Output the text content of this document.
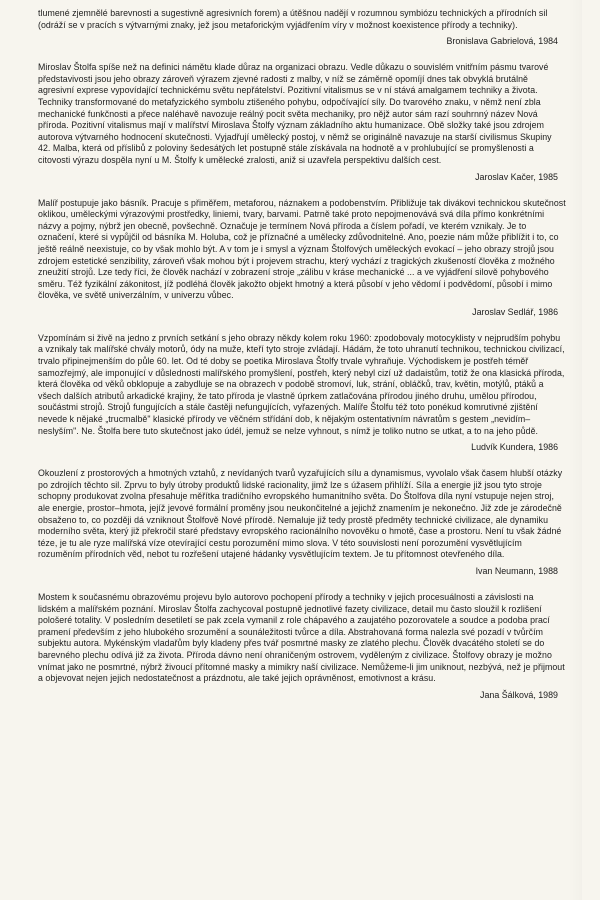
tlumené zjemnělé barevnosti a sugestivně agresivních forem) a útěšnou nadějí v rozumnou symbiózu technických a přírodních sil (odráží se v pracích s výtvarnými znaky, jež jsou metaforickým vyjádřením víry v možnost koexistence přírody a techniky).

Bronislava Gabrielová, 1984

Miroslav Štolfa spíše než na definici námětu klade důraz na organizaci obrazu. Vedle důkazu o souvislém vnitřním pásmu tvarové představivosti jsou jeho obrazy zároveň výrazem zjevné radosti z malby, v níž se záměrně opomíjí dnes tak obvyklá brutálně agresivní exprese vypovídající technickému světu nepřátelství. Pozitivní vitalismus se v ní stává amalgamem techniky a života. Techniky transformované do metafyzického symbolu ztišeného pohybu, odpočívající síly. Do tvarového znaku, v němž není zbla mechanické funkčnosti a přece naléhavě navozuje reálný pocit světa mechaniky, pro nějž autor sám razí souhrnný název Nová příroda. Pozitivní vitalismus mají v malířství Miroslava Štolfy význam základního aktu humanizace. Obě složky také jsou zdrojem autorova výtvarného hodnocení skutečnosti. Vyjadřují umělecký postoj, v němž se originálně navazuje na starší civilismus Skupiny 42. Malba, která od příslibů z poloviny šedesátých let postupně stále získávala na hodnotě a v prohlubující se promyšlenosti a citovosti výrazu dospěla nyní u M. Štolfy k umělecké zralosti, aniž si uzavřela perspektivu dalších cest.

Jaroslav Kačer, 1985

Malíř postupuje jako básník. Pracuje s přiměřem, metaforou, náznakem a podobenstvím. Přibližuje tak divákovi technickou skutečnost oklikou, uměleckými výrazovými prostředky, liniemi, tvary, barvami. Patrně také proto nepojmenovává svá díla přímo konkrétními názvy a pojmy, nýbrž jen obecně, povšechně. Označuje je termínem Nová příroda a číslem pořadí, ve kterém vznikaly. Je to označení, které si vypůjčil od básníka M. Holuba, což je příznačné a umělecky zdůvodnitelné. Ano, poezie nám může přiblížit i to, co ještě reálně neexistuje, co by však mohlo být. A v tom je i smysl a význam Štolfových uměleckých evokací – jeho obrazy strojů jsou zdrojem estetické senzibility, zároveň však mohou být i projevem strachu, který vychází z tragických zkušeností člověka z možného zneužití strojů. Lze tedy říci, že člověk nachází v zobrazení stroje „zálibu v kráse mechanické ... a ve vyjádření silově pohybového směru. Též fyzikální zákonitost, jíž podléhá člověk jakožto objekt hmotný a která působí v jeho vědomí i podvědomí, působí i mimo člověka, ve světě univerzálním, v univerzu vůbec.

Jaroslav Sedlář, 1986

Vzpomínám si živě na jedno z prvních setkání s jeho obrazy někdy kolem roku 1960: zpodobovaly motocyklisty v nejprudším pohybu a vznikaly tak malířské chvály motorů, ódy na muže, kteří tyto stroje zvládají. Hádám, že toto uhranutí technikou, technickou civilizací, trvalo připinejmenším do půle 60. let. Od té doby se poetika Miroslava Štolfy trvale vyhraňuje. Východiskem je postřeh téměř samozřejmý, ale imponující v důslednosti malířského promyšlení, postřeh, který nebyl cizí už dadaistům, totiž že ona klasická příroda, která člověka od věků obklopuje a zabydluje se na obrazech v podobě stromoví, luk, strání, obláčků, trav, květin, motýlů, ptáků a všech dalších atributů arkadické krajiny, že tato příroda je vlastně úprkem zatlačována přírodou jiného druhu, umělou přírodou, součástmi strojů. Strojů fungujících a stále častěji nefungujících, vyřazených. Malíře Štolfu též toto ponékud komrutivné zjištění nevede k nějaké „trucmalbě" klasické přírody ve věčném střídání dob, k nějakým ostentativním návratům s gestem „nevidím–neslyším". Ne. Štolfa bere tuto skutečnost jako údél, jemuž se nelze vyhnout, s nímž je toliko nutno se utkat, a to na jeho půdě.

Ludvík Kundera, 1986

Okouzlení z prostorových a hmotných vztahů, z nevídaných tvarů vyzařujících sílu a dynamismus, vyvolalo však časem hlubší otázky po zdrojích těchto sil. Zprvu to byly útroby produktů lidské racionality, jimž lze s úžasem přihlíží. Síla a energie již jsou tyto stroje schopny produkovat zvolna přesahuje měřítka tradičního evropského humanitního světa. Do Štolfova díla nyní vstupuje nejen stroj, ale energie, prostor–hmota, jejíž jevové formální proměny jsou neukončitelné a jejichž znamením je nekonečno. Již zde je zárodečně obsaženo to, co později dá vzniknout Štolfově Nové přírodě. Nemaluje již tedy prostě předměty technické civilizace, ale dynamiku moderního světa, který již překročil staré představy evropského racionálního novověku o hmotě, čase a prostoru. Není tu však žádné téze, je tu ale ryze malířská víze otevírající cestu porozumění mimo slova. V této souvislosti není porozumění vysvětlujícím rozuměním přírodních věd, nebot tu rozřešení utajené hádanky vysvětlujícím textem. Je tu přítomnost otevřeného díla.

Ivan Neumann, 1988

Mostem k současnému obrazovému projevu bylo autorovo pochopení přírody a techniky v jejich procesuálnosti a závislosti na lidském a malířském poznání. Miroslav Štolfa zachycoval postupně jednotlivé fazety civilizace, detail mu často sloužil k rozlišení pološeré totality. V posledním desetiletí se pak zcela vymanil z role chápavého a zaujatého pozorovatele a soudce a podoba prací pramení především z jeho hlubokého srozumění a sounáležitosti tvůrce a díla. Abstrahovaná forma nalezla své pozadí v tvůrčím subjektu autora. Mykénským vladařům byly kladeny přes tvář posmrtné masky ze zlatého plechu. Člověk dvacátého století se do barevného plechu odívá již za života. Příroda dávno není ohraničeným ostrovem, vyděleným z civilizace. Štolfovy obrazy je možno vnímat jako ne posmrtné, nýbrž živoucí přítomné masky a mimikry naší civilizace. Nemůžeme-li jim uniknout, nezbývá, než je přijmout a objevovat nejen jejich nedostatečnost a prázdnotu, ale také jejich oprávněnost, emotivnost a krásu.

Jana Šálková, 1989
